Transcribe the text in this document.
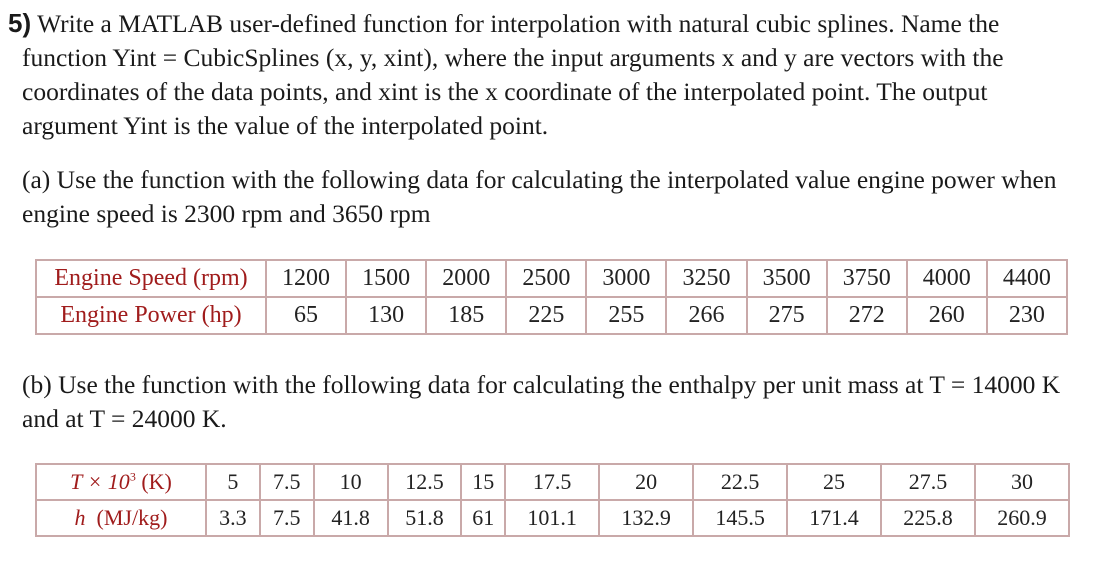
5) Write a MATLAB user-defined function for interpolation with natural cubic splines. Name the function Yint = CubicSplines (x, y, xint), where the input arguments x and y are vectors with the coordinates of the data points, and xint is the x coordinate of the interpolated point. The output argument Yint is the value of the interpolated point.

(a) Use the function with the following data for calculating the interpolated value engine power when engine speed is 2300 rpm and 3650 rpm

Engine Speed (rpm)	1200	1500	2000	2500	3000	3250	3500	3750	4000	4400
Engine Power (hp)	65	130	185	225	255	266	275	272	260	230

(b) Use the function with the following data for calculating the enthalpy per unit mass at T = 14000 K and at T = 24000 K.

$T \times 10^3$ (K)	5	7.5	10	12.5	15	17.5	20	22.5	25	27.5	30
h  (MJ/kg)	3.3	7.5	41.8	51.8	61	101.1	132.9	145.5	171.4	225.8	260.9
